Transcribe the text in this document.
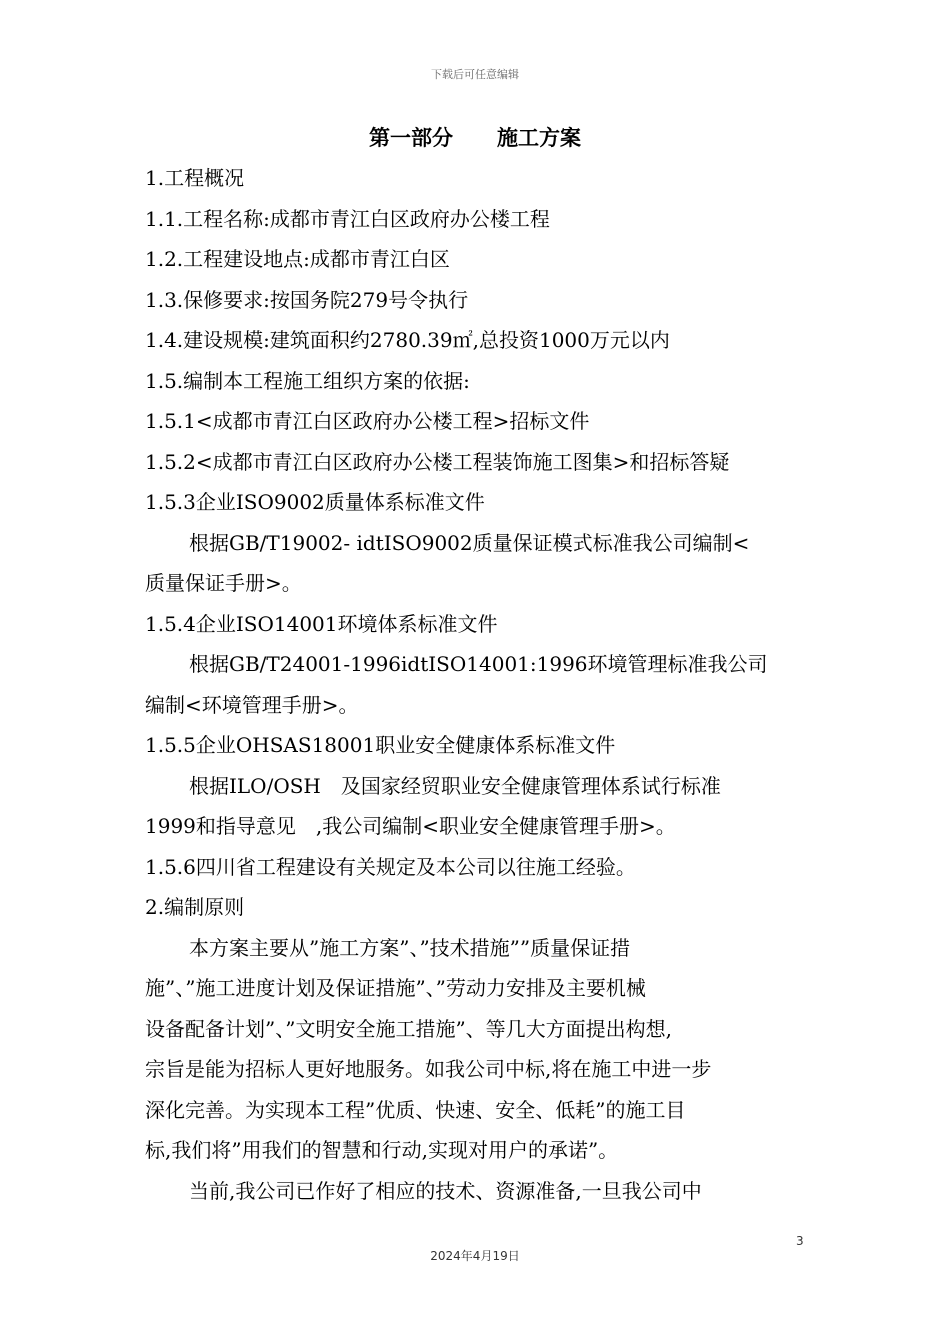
下载后可任意编辑
第一部分 施工方案
1.工程概况
1.1.工程名称:成都市青江白区政府办公楼工程
1.2.工程建设地点:成都市青江白区
1.3.保修要求:按国务院279号令执行
1.4.建设规模:建筑面积约2780.39㎡,总投资1000万元以内
1.5.编制本工程施工组织方案的依据:
1.5.1<成都市青江白区政府办公楼工程>招标文件
1.5.2<成都市青江白区政府办公楼工程装饰施工图集>和招标答疑
1.5.3企业ISO9002质量体系标准文件
根据GB/T19002- idtISO9002质量保证模式标准我公司编制<
质量保证手册>。
1.5.4企业ISO14001环境体系标准文件
根据GB/T24001-1996idtISO14001:1996环境管理标准我公司
编制<环境管理手册>。
1.5.5企业OHSAS18001职业安全健康体系标准文件
根据ILO/OSH　及国家经贸职业安全健康管理体系试行标准
1999和指导意见　,我公司编制<职业安全健康管理手册>。
1.5.6四川省工程建设有关规定及本公司以往施工经验。
2.编制原则
本方案主要从”施工方案”、”技术措施””质量保证措
施”、”施工进度计划及保证措施”、”劳动力安排及主要机械
设备配备计划”、”文明安全施工措施”、等几大方面提出构想,
宗旨是能为招标人更好地服务。如我公司中标,将在施工中进一步
深化完善。为实现本工程”优质、快速、安全、低耗”的施工目
标,我们将”用我们的智慧和行动,实现对用户的承诺”。
当前,我公司已作好了相应的技术、资源准备,一旦我公司中
3
2024年4月19日
